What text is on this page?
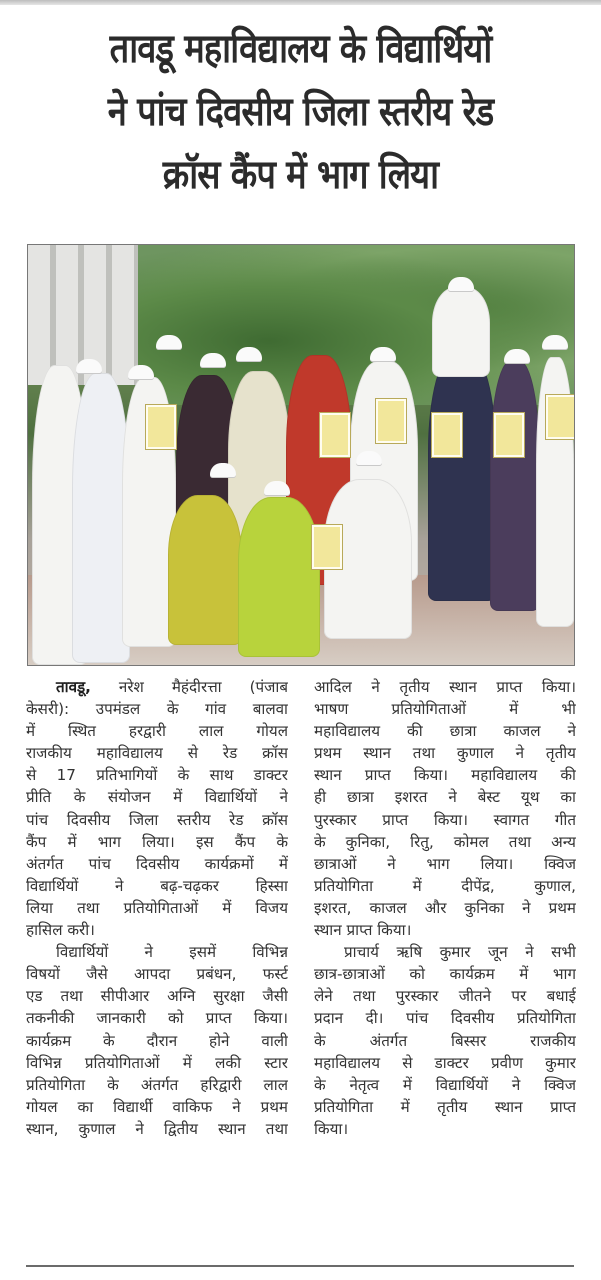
तावडू महाविद्यालय के विद्यार्थियों
ने पांच दिवसीय जिला स्तरीय रेड
क्रॉस कैंप में भाग लिया
तावडू, नरेश मैहंदीरत्ता (पंजाब
केसरी): उपमंडल के गांव बालवा
में स्थित हरद्वारी लाल गोयल
राजकीय महाविद्यालय से रेड क्रॉस
से 17 प्रतिभागियों के साथ डाक्टर
प्रीति के संयोजन में विद्यार्थियों ने
पांच दिवसीय जिला स्तरीय रेड क्रॉस
कैंप में भाग लिया। इस कैंप के
अंतर्गत पांच दिवसीय कार्यक्रमों में
विद्यार्थियों ने बढ़-चढ़कर हिस्सा
लिया तथा प्रतियोगिताओं में विजय
हासिल करी।
विद्यार्थियों ने इसमें विभिन्न
विषयों जैसे आपदा प्रबंधन, फर्स्ट
एड तथा सीपीआर अग्नि सुरक्षा जैसी
तकनीकी जानकारी को प्राप्त किया।
कार्यक्रम के दौरान होने वाली
विभिन्न प्रतियोगिताओं में लकी स्टार
प्रतियोगिता के अंतर्गत हरिद्वारी लाल
गोयल का विद्यार्थी वाकिफ ने प्रथम
स्थान, कुणाल ने द्वितीय स्थान तथा
आदिल ने तृतीय स्थान प्राप्त किया।
भाषण प्रतियोगिताओं में भी
महाविद्यालय की छात्रा काजल ने
प्रथम स्थान तथा कुणाल ने तृतीय
स्थान प्राप्त किया। महाविद्यालय की
ही छात्रा इशरत ने बेस्ट यूथ का
पुरस्कार प्राप्त किया। स्वागत गीत
के कुनिका, रितु, कोमल तथा अन्य
छात्राओं ने भाग लिया। क्विज
प्रतियोगिता में दीपेंद्र, कुणाल,
इशरत, काजल और कुनिका ने प्रथम
स्थान प्राप्त किया।
प्राचार्य ऋषि कुमार जून ने सभी
छात्र-छात्राओं को कार्यक्रम में भाग
लेने तथा पुरस्कार जीतने पर बधाई
प्रदान दी। पांच दिवसीय प्रतियोगिता
के अंतर्गत बिस्सर राजकीय
महाविद्यालय से डाक्टर प्रवीण कुमार
के नेतृत्व में विद्यार्थियों ने क्विज
प्रतियोगिता में तृतीय स्थान प्राप्त
किया।
